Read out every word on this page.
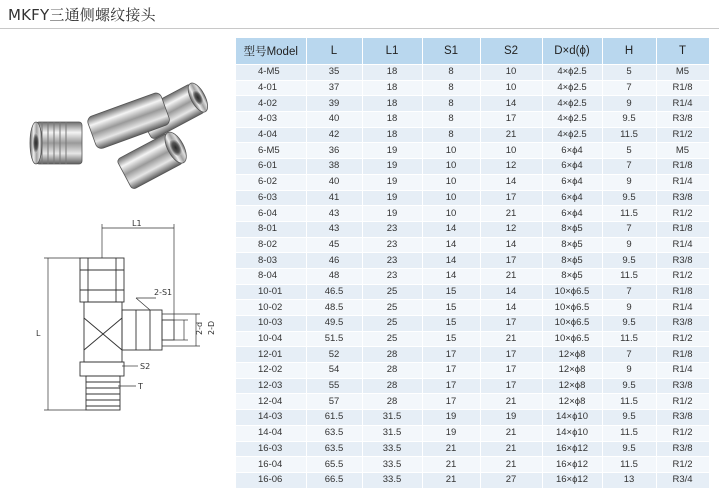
MKFY三通侧螺纹接头
L1
L
2-S1
2-d 2-D
S2
T
型号Model	L	L1	S1	S2	D×d(ϕ)	H	T
4-M5	35	18	8	10	4×ϕ2.5	5	M5
4-01	37	18	8	10	4×ϕ2.5	7	R1/8
4-02	39	18	8	14	4×ϕ2.5	9	R1/4
4-03	40	18	8	17	4×ϕ2.5	9.5	R3/8
4-04	42	18	8	21	4×ϕ2.5	11.5	R1/2
6-M5	36	19	10	10	6×ϕ4	5	M5
6-01	38	19	10	12	6×ϕ4	7	R1/8
6-02	40	19	10	14	6×ϕ4	9	R1/4
6-03	41	19	10	17	6×ϕ4	9.5	R3/8
6-04	43	19	10	21	6×ϕ4	11.5	R1/2
8-01	43	23	14	12	8×ϕ5	7	R1/8
8-02	45	23	14	14	8×ϕ5	9	R1/4
8-03	46	23	14	17	8×ϕ5	9.5	R3/8
8-04	48	23	14	21	8×ϕ5	11.5	R1/2
10-01	46.5	25	15	14	10×ϕ6.5	7	R1/8
10-02	48.5	25	15	14	10×ϕ6.5	9	R1/4
10-03	49.5	25	15	17	10×ϕ6.5	9.5	R3/8
10-04	51.5	25	15	21	10×ϕ6.5	11.5	R1/2
12-01	52	28	17	17	12×ϕ8	7	R1/8
12-02	54	28	17	17	12×ϕ8	9	R1/4
12-03	55	28	17	17	12×ϕ8	9.5	R3/8
12-04	57	28	17	21	12×ϕ8	11.5	R1/2
14-03	61.5	31.5	19	19	14×ϕ10	9.5	R3/8
14-04	63.5	31.5	19	21	14×ϕ10	11.5	R1/2
16-03	63.5	33.5	21	21	16×ϕ12	9.5	R3/8
16-04	65.5	33.5	21	21	16×ϕ12	11.5	R1/2
16-06	66.5	33.5	21	27	16×ϕ12	13	R3/4
